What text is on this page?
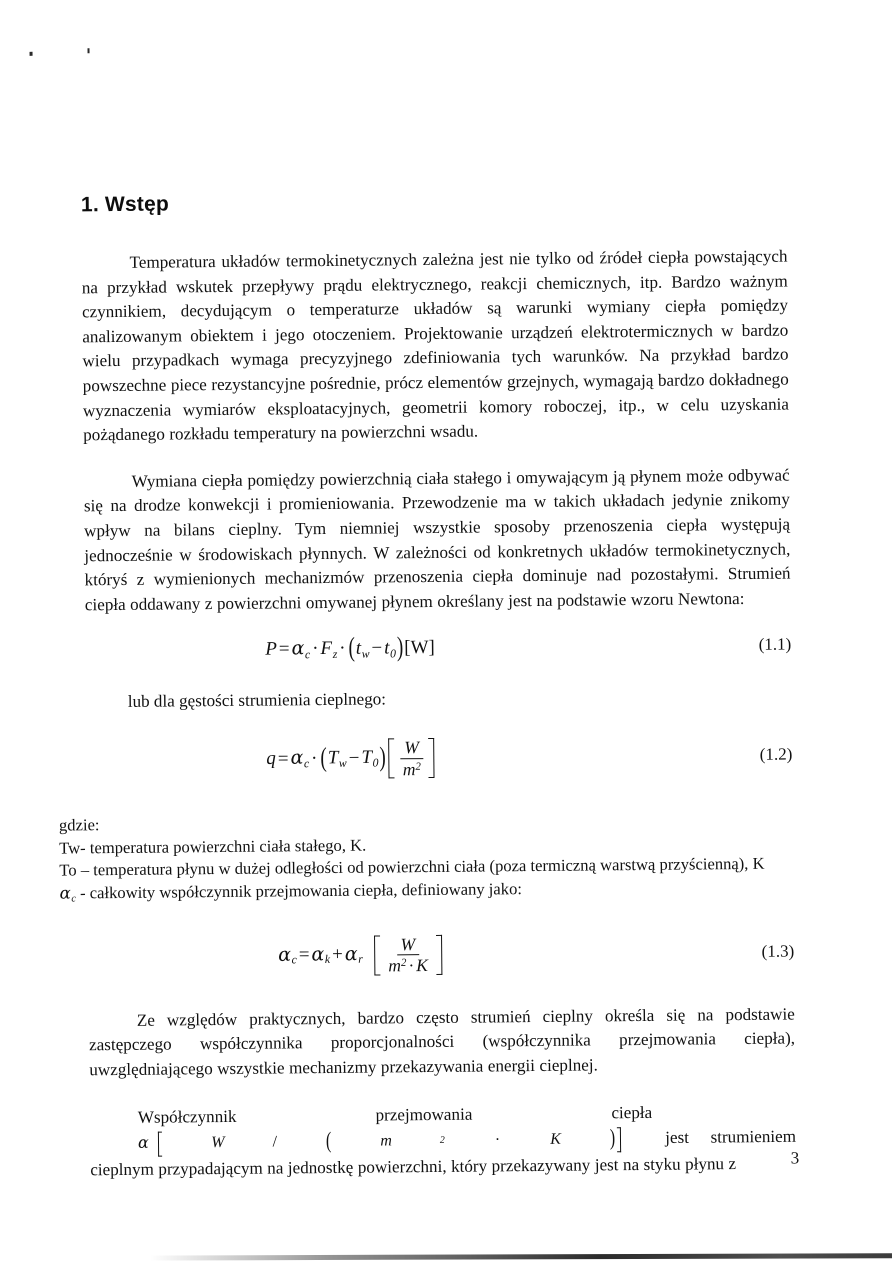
1. Wstęp

Temperatura układów termokinetycznych zależna jest nie tylko od źródeł ciepła powstających na przykład wskutek przepływy prądu elektrycznego, reakcji chemicznych, itp. Bardzo ważnym czynnikiem, decydującym o temperaturze układów są warunki wymiany ciepła pomiędzy analizowanym obiektem i jego otoczeniem. Projektowanie urządzeń elektrotermicznych w bardzo wielu przypadkach wymaga precyzyjnego zdefiniowania tych warunków. Na przykład bardzo powszechne piece rezystancyjne pośrednie, prócz elementów grzejnych, wymagają bardzo dokładnego wyznaczenia wymiarów eksploatacyjnych, geometrii komory roboczej, itp., w celu uzyskania pożądanego rozkładu temperatury na powierzchni wsadu.

Wymiana ciepła pomiędzy powierzchnią ciała stałego i omywającym ją płynem może odbywać się na drodze konwekcji i promieniowania. Przewodzenie ma w takich układach jedynie znikomy wpływ na bilans cieplny. Tym niemniej wszystkie sposoby przenoszenia ciepła występują jednocześnie w środowiskach płynnych. W zależności od konkretnych układów termokinetycznych, któryś z wymienionych mechanizmów przenoszenia ciepła dominuje nad pozostałymi. Strumień ciepła oddawany z powierzchni omywanej płynem określany jest na podstawie wzoru Newtona:

$P=\alpha_c\cdot F_z\cdot (t_w-t_0)[W]$	(1.1)

lub dla gęstości strumienia cieplnego:

$q=\alpha_c\cdot (T_w-T_0) \frac{W}{m^2}$	(1.2)

gdzie:

Tw- temperatura powierzchni ciała stałego, K.

To – temperatura płynu w dużej odległości od powierzchni ciała (poza termiczną warstwą przyścienną), K

$\alpha_c$ - całkowity współczynnik przejmowania ciepła, definiowany jako:

$\alpha_c=\alpha_k+\alpha_r \frac{W}{m^2 \cdot K}$	(1.3)

Ze względów praktycznych, bardzo często strumień cieplny określa się na podstawie zastępczego współczynnika proporcjonalności (współczynnika przejmowania ciepła), uwzględniającego wszystkie mechanizmy przekazywania energii cieplnej.

Współczynnik przejmowania ciepła  α	W	/	(	m	2	·	K	)	jest strumieniem cieplnym przypadającym na jednostkę powierzchni, który przekazywany jest na styku płynu z	3
